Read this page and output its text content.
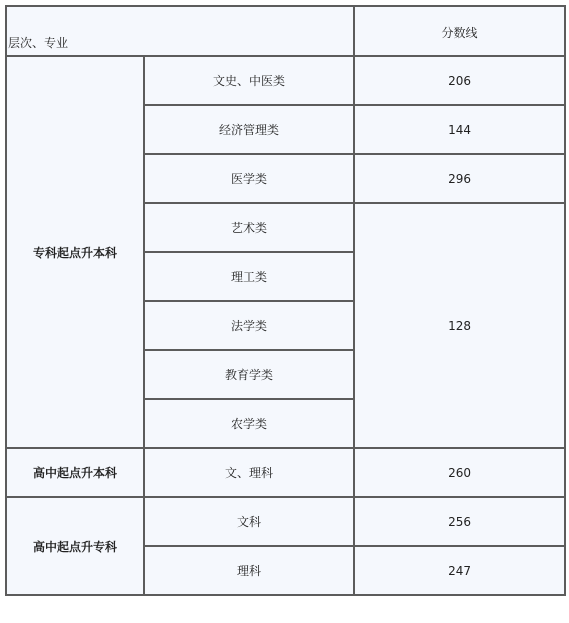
层次、专业		分数线

专科起点升本科	文史、中医类	206
	经济管理类	144
	医学类	296
	艺术类	128
	理工类	
	法学类	
	教育学类	
	农学类	
高中起点升本科	文、理科	260
高中起点升专科	文科	256
	理科	247
